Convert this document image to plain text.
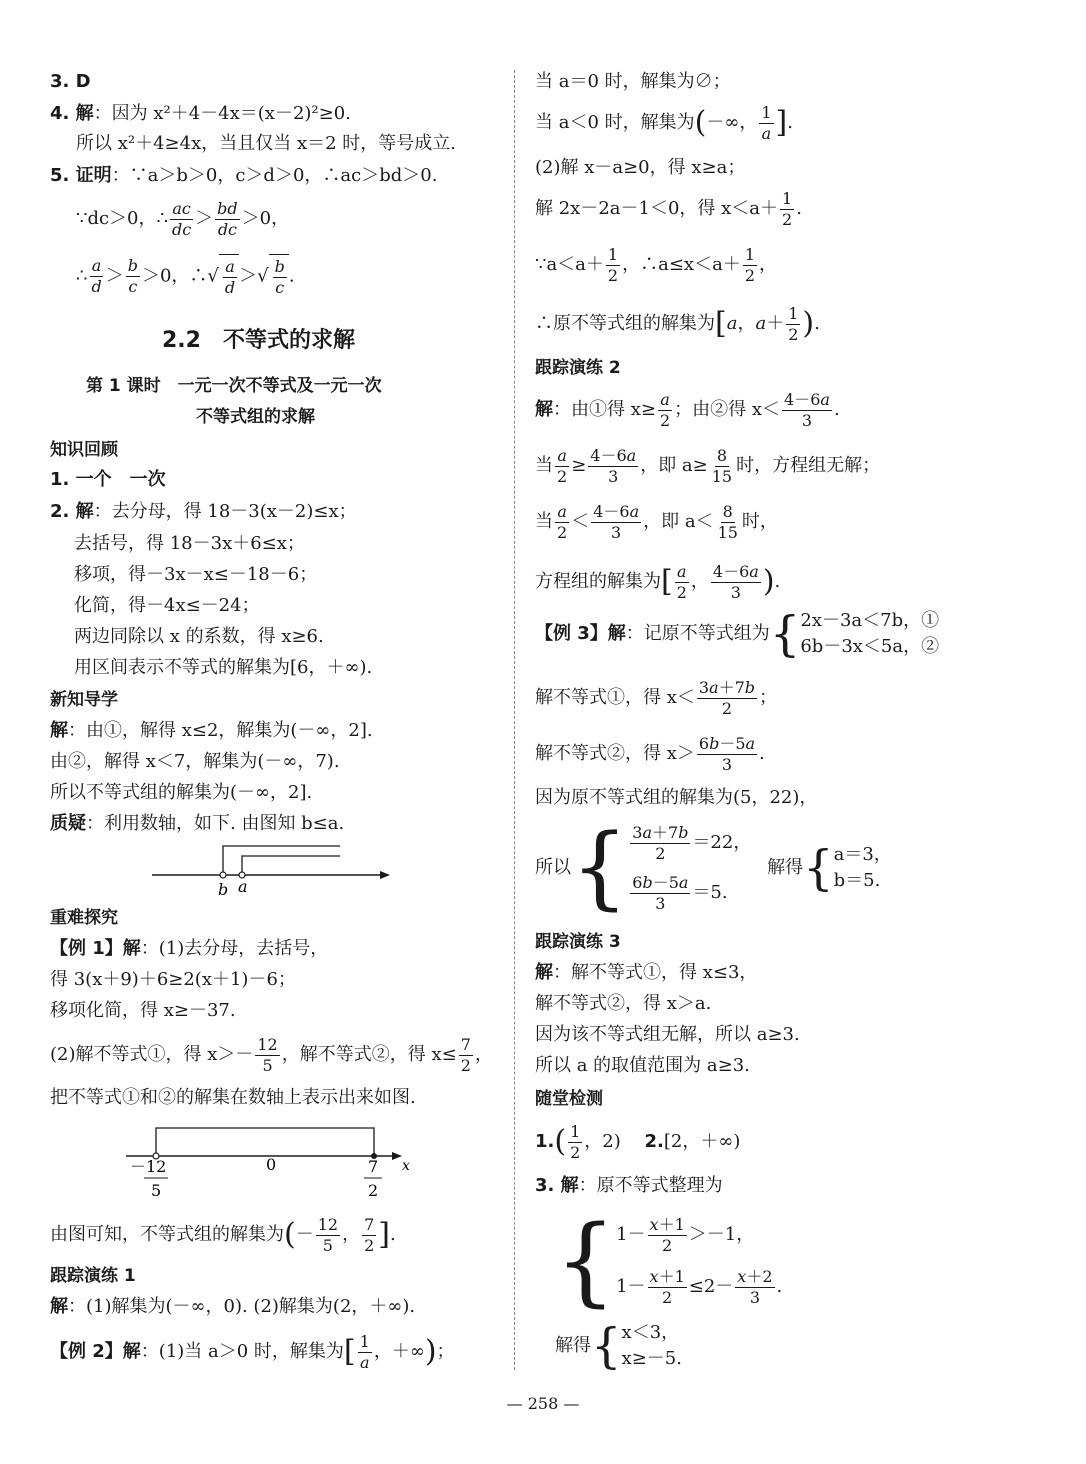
3. D
4. 解：因为 x²＋4－4x＝(x－2)²≥0.
所以 x²＋4≥4x，当且仅当 x＝2 时，等号成立.
5. 证明：∵a＞b＞0，c＞d＞0，∴ac＞bd＞0.
∵dc＞0，∴ $\frac{ac}{dc} > \frac{bd}{dc} >0$，
∴ $\frac{a}{d} > \frac{b}{c} >0$，∴√ $\frac{a}{d}$ ＞√ $\frac{b}{c}$ .
2.2　不等式的求解
第 1 课时　一元一次不等式及一元一次
不等式组的求解
知识回顾
1. 一个　一次
2. 解：去分母，得 18－3(x－2)≤x；
去括号，得 18－3x＋6≤x；
移项，得－3x－x≤－18－6；
化简，得－4x≤－24；
两边同除以 x 的系数，得 x≥6.
用区间表示不等式的解集为[6，＋∞).
新知导学
解：由①，解得 x≤2，解集为(－∞，2].
由②，解得 x＜7，解集为(－∞，7).
所以不等式组的解集为(－∞，2].
质疑：利用数轴，如下. 由图知 b≤a.
b a
重难探究
【例 1】解：(1)去分母，去括号，
得 3(x＋9)＋6≥2(x＋1)－6；
移项化简，得 x≥－37.
(2)解不等式①，得 $x>- \frac{12}{5}$ ，解不等式②，得 $x\le \frac{7}{2}$ ，
把不等式①和②的解集在数轴上表示出来如图.
0	x
－ 12
5
7
2
由图可知，不等式组的解集为(－ $\frac{12}{5}$ ， $\frac{7}{2}$ ].
跟踪演练 1
解：(1)解集为(－∞，0). (2)解集为(2，＋∞).
【例 2】解：(1)当 a＞0 时，解集为[ $\frac{1}{a}$ ，＋∞)；
当 a＝0 时，解集为∅；
当 a＜0 时，解集为(－∞， $\frac{1}{a}$ ].
(2)解 x－a≥0，得 x≥a；
解 2x－2a－1＜0，得 $x<a+ \frac{1}{2}$ .
∵a＜a＋ $\frac{1}{2}$ ，∴a≤x＜a＋ $\frac{1}{2}$ ，
∴原不等式组的解集为[a，$a+ \frac{1}{2}$ ).
跟踪演练 2
解：由①得 $x\ge \frac{a}{2}$ ；由②得 $x< \frac{4-6a}{3}$ .
当 $\frac{a}{2} \ge \frac{4-6a}{3}$ ，即 $a\ge \frac{8}{15}$ 时，方程组无解；
当 $\frac{a}{2} < \frac{4-6a}{3}$ ，即 $a< \frac{8}{15}$ 时，
方程组的解集为[ $\frac{a}{2}$ ， $\frac{4-6a}{3}$ ).
【例 3】解：记原不等式组为{ 2x－3a＜7b，①
6b－3x＜5a，②
解不等式①，得 $x< \frac{3a+7b}{2}$ ；
解不等式②，得 $x> \frac{6b-5a}{3}$ .
因为原不等式组的解集为(5，22)，
所以{ $\frac{3a+7b}{2} =22$，
$\frac{6b-5a}{3} =5$.
解得{ a＝3，
b＝5.
跟踪演练 3
解：解不等式①，得 x≤3，
解不等式②，得 x＞a.
因为该不等式组无解，所以 a≥3.
所以 a 的取值范围为 a≥3.
随堂检测
$1.( \frac{1}{2}$ ，2) 2.[2，＋∞)
3. 解：原不等式整理为
{ $1- \frac{x+1}{2} >-1$，
$1- \frac{x+1}{2} \le 2- \frac{x+2}{3}$ .
解得{ x＜3，
x≥－5.
— 258 —
